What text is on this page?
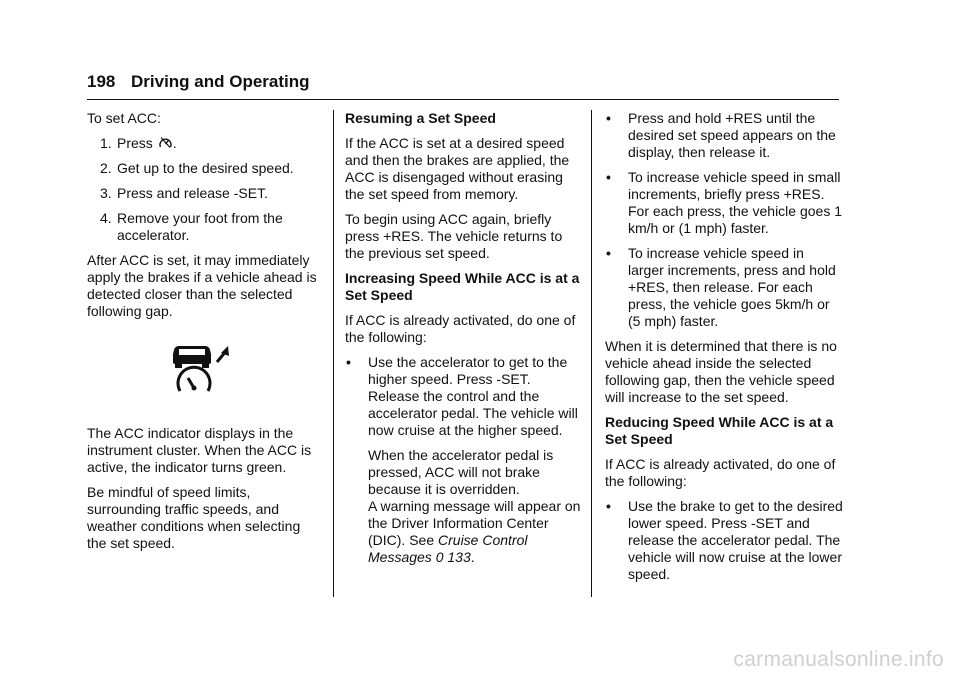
198 Driving and Operating

To set ACC:

1. Press .
2. Get up to the desired speed.
3. Press and release -SET.
4. Remove your foot from the accelerator.

After ACC is set, it may immediately apply the brakes if a vehicle ahead is detected closer than the selected following gap.

The ACC indicator displays in the instrument cluster. When the ACC is active, the indicator turns green.

Be mindful of speed limits, surrounding traffic speeds, and weather conditions when selecting the set speed.

Resuming a Set Speed

If the ACC is set at a desired speed and then the brakes are applied, the ACC is disengaged without erasing the set speed from memory.

To begin using ACC again, briefly press +RES. The vehicle returns to the previous set speed.

Increasing Speed While ACC is at a Set Speed

If ACC is already activated, do one of the following:

• Use the accelerator to get to the higher speed. Press -SET. Release the control and the accelerator pedal. The vehicle will now cruise at the higher speed.

When the accelerator pedal is pressed, ACC will not brake because it is overridden.

A warning message will appear on the Driver Information Center (DIC). See Cruise Control Messages 0 133.

• Press and hold +RES until the desired set speed appears on the display, then release it.
• To increase vehicle speed in small increments, briefly press +RES. For each press, the vehicle goes 1 km/h or (1 mph) faster.
• To increase vehicle speed in larger increments, press and hold +RES, then release. For each press, the vehicle goes 5km/h or (5 mph) faster.

When it is determined that there is no vehicle ahead inside the selected following gap, then the vehicle speed will increase to the set speed.

Reducing Speed While ACC is at a Set Speed

If ACC is already activated, do one of the following:

• Use the brake to get to the desired lower speed. Press -SET and release the accelerator pedal. The vehicle will now cruise at the lower speed.
carmanualsonline.info
